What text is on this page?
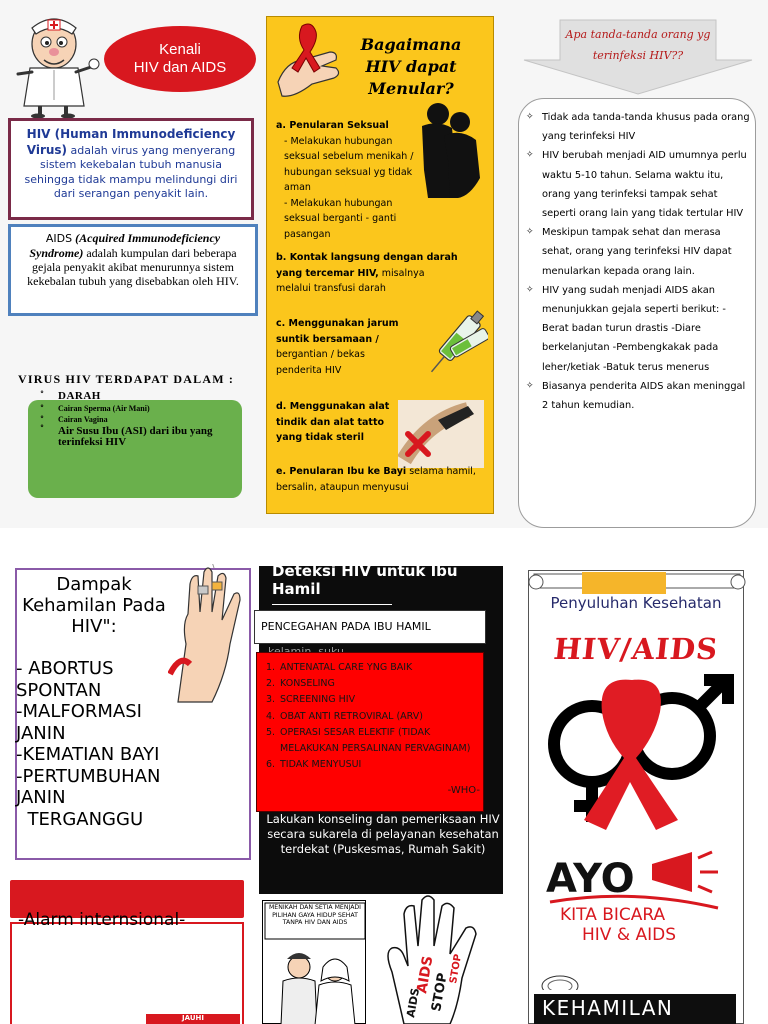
Kenali
HIV dan AIDS
HIV (Human Immunodeficiency Virus) adalah virus yang menyerang sistem kekebalan tubuh manusia sehingga tidak mampu melindungi diri dari serangan penyakit lain.
AIDS (Acquired Immunodeficiency Syndrome) adalah kumpulan dari beberapa gejala penyakit akibat menurunnya sistem kekebalan tubuh yang disebabkan oleh HIV.
VIRUS HIV TERDAPAT DALAM :
˚ DARAH
˚ Cairan Sperma (Air Mani)
˚ Cairan Vagina
˚ Air Susu Ibu (ASI) dari ibu yang terinfeksi HIV
Bagaimana HIV dapat Menular?
a. Penularan Seksual
- Melakukan hubungan seksual sebelum menikah / hubungan seksual yg tidak aman
- Melakukan hubungan seksual berganti - ganti pasangan
b. Kontak langsung dengan darah yang tercemar HIV, misalnya melalui transfusi darah
c. Menggunakan jarum suntik bersamaan / bergantian / bekas penderita HIV
d. Menggunakan alat tindik dan alat tatto yang tidak steril
e. Penularan Ibu ke Bayi selama hamil, bersalin, ataupun menyusui
Apa tanda-tanda orang yg terinfeksi HIV??
✧ Tidak ada tanda-tanda khusus pada orang yang terinfeksi HIV
✧ HIV berubah menjadi AID umumnya perlu waktu 5-10 tahun. Selama waktu itu, orang yang terinfeksi tampak sehat seperti orang lain yang tidak tertular HIV
✧ Meskipun tampak sehat dan merasa sehat, orang yang terinfeksi HIV dapat menularkan kepada orang lain.
✧ HIV yang sudah menjadi AIDS akan menunjukkan gejala seperti berikut: - Berat badan turun drastis -Diare berkelanjutan -Pembengkakak pada leher/ketiak -Batuk terus menerus
✧ Biasanya penderita AIDS akan meninggal 2 tahun kemudian.
Dampak Kehamilan Pada HIV":
- ABORTUS SPONTAN
-MALFORMASI JANIN
-KEMATIAN BAYI
-PERTUMBUHAN JANIN
TERGANGGU
-Alarm internsional-
JAUHI
Deteksi HIV untuk Ibu Hamil
PENCEGAHAN PADA IBU HAMIL
1. ANTENATAL CARE YNG BAIK
2. KONSELING
3. SCREENING HIV
4. OBAT ANTI RETROVIRAL (ARV)
5. OPERASI SESAR ELEKTIF (TIDAK MELAKUKAN PERSALINAN PERVAGINAM)
6. TIDAK MENYUSUI
-WHO-
Lakukan konseling dan pemeriksaan HIV secara sukarela di pelayanan kesehatan terdekat (Puskesmas, Rumah Sakit)
MENIKAH DAN SETIA MENJADI PILIHAN GAYA HIDUP SEHAT TANPA HIV DAN AIDS
AIDS
STOP
AIDS
STOP
Penyuluhan Kesehatan
HIV/AIDS
AYO
KITA BICARA
HIV & AIDS
KEHAMILAN
